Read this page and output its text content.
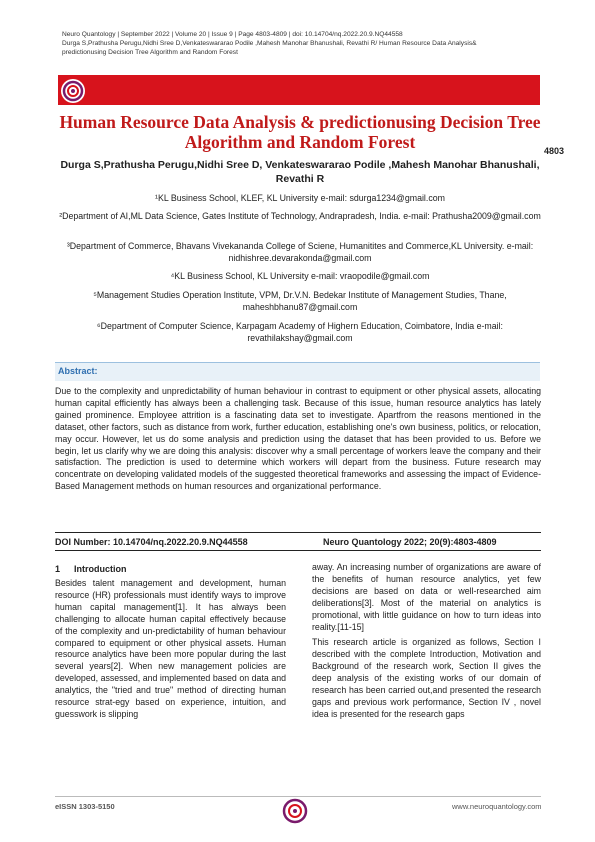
Neuro Quantology | September 2022 | Volume 20 | Issue 9 | Page 4803-4809 | doi: 10.14704/nq.2022.20.9.NQ44558
Durga S,Prathusha Perugu,Nidhi Sree D,Venkateswararao Podile ,Mahesh Manohar Bhanushali, Revathi R/ Human Resource Data Analysis&
predictionusing Decision Tree Algorithm and Random Forest
Human Resource Data Analysis & predictionusing Decision Tree Algorithm and Random Forest	4803
Durga S,Prathusha Perugu,Nidhi Sree D, Venkateswararao Podile ,Mahesh Manohar Bhanushali, Revathi R
¹KL Business School, KLEF, KL University e-mail: sdurga1234@gmail.com
²Department of AI,ML Data Science, Gates Institute of Technology, Andrapradesh, India. e-mail: Prathusha2009@gmail.com
³Department of Commerce, Bhavans Vivekananda College of Sciene, Humanitites and Commerce,KL University. e-mail: nidhishree.devarakonda@gmail.com
⁴KL Business School, KL University e-mail: vraopodile@gmail.com
⁵Management Studies Operation Institute, VPM, Dr.V.N. Bedekar Institute of Management Studies, Thane, maheshbhanu87@gmail.com
⁶Department of Computer Science, Karpagam Academy of Highern Education, Coimbatore, India e-mail: revathilakshay@gmail.com
Abstract:
Due to the complexity and unpredictability of human behaviour in contrast to equipment or other physical assets, allocating human capital efficiently has always been a challenging task. Because of this issue, human resource analytics has lately gained prominence. Employee attrition is a fascinating data set to investigate. Apartfrom the reasons mentioned in the dataset, other factors, such as distance from work, further education, establishing one's own business, politics, or relocation, may occur. However, let us do some analysis and prediction using the dataset that has been provided to us. Before we begin, let us clarify why we are doing this analysis: discover why a small percentage of workers leave the company and their satisfaction. The prediction is used to determine which workers will depart from the business. Future research may concentrate on developing validated models of the suggested theoretical frameworks and assessing the impact of Evidence-Based Management methods on human resources and organizational performance.
DOI Number: 10.14704/nq.2022.20.9.NQ44558	Neuro Quantology 2022; 20(9):4803-4809
1 Introduction

Besides talent management and development, human resource (HR) professionals must identify ways to improve human capital management[1]. It has always been challenging to allocate human capital effectively because of the complexity and un-predictability of human behaviour compared to equipment or other physical assets. Human resource analytics have been more popular during the last several years[2]. When new management policies are developed, assessed, and implemented based on data and analytics, the "tried and true" method of directing human resource strat-egy based on experience, intuition, and guesswork is slipping

away. An increasing number of organizations are aware of the benefits of human resource analytics, yet few decisions are based on data or well-researched aim deliberations[3]. Most of the material on analytics is promotional, with little guidance on how to turn ideas into reality.[11-15]

This research article is organized as follows, Section I described with the complete Introduction, Motivation and Background of the research work, Section II gives the deep analysis of the existing works of our domain of research has been carried out,and presented the research gaps and previous work performance, Section IV , novel idea is presented for the research gaps

eISSN 1303-5150	www.neuroquantology.com
